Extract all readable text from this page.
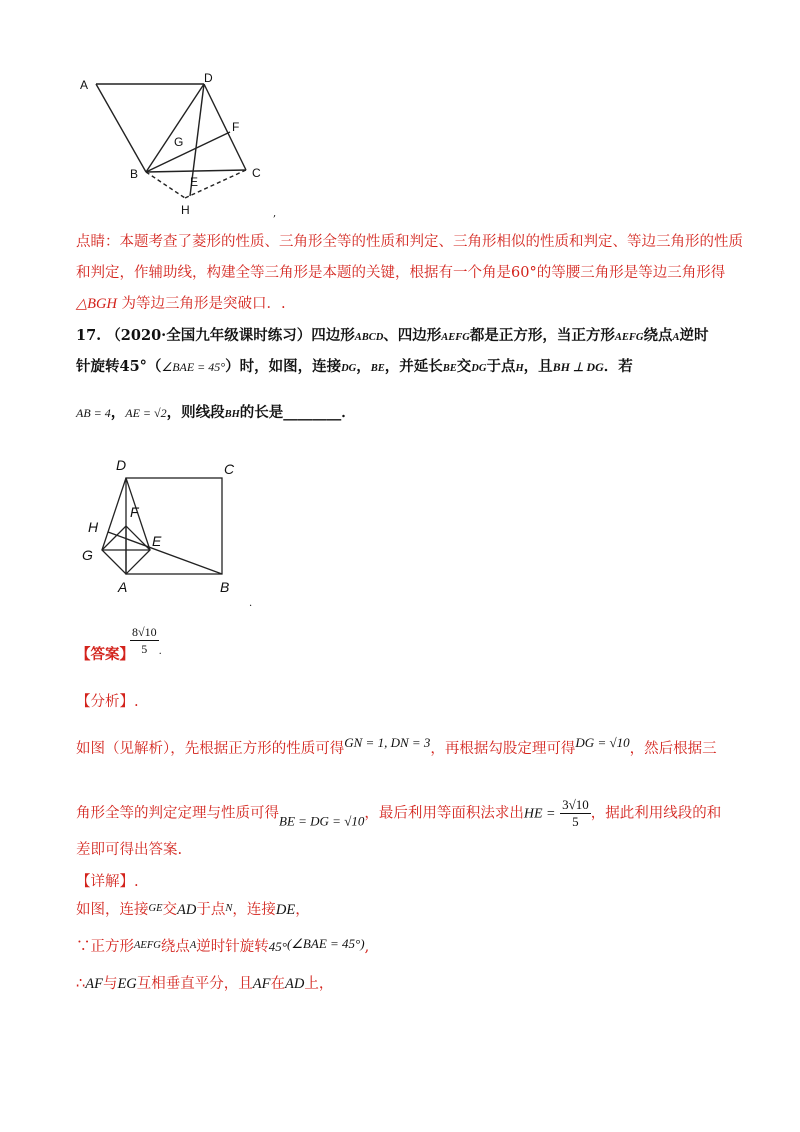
A	D
G
F
B
E
C
H	,
点睛：本题考查了菱形的性质、三角形全等的性质和判定、三角形相似的性质和判定、等边三角形的性质
和判定，作辅助线，构建全等三角形是本题的关键，根据有一个角是60°的等腰三角形是等边三角形得
△BGH 为等边三角形是突破口．.
17. （2020·全国九年级课时练习）四边形ABCD、四边形AEFG都是正方形，当正方形AEFG绕点A逆时
针旋转45°（∠BAE = 45°）时，如图，连接DG，BE，并延长BE交DG于点H，且BH ⊥ DG．若
AB = 4，AE = √2，则线段BH的长是________．
D	C
F
H
E
G
A	B
.
【答案】
$\frac{8√10}{5}$ .
【分析】.
如图（见解析），先根据正方形的性质可得GN = 1, DN = 3，再根据勾股定理可得DG = √10，然后根据三
角形全等的判定定理与性质可得BE = DG = √10，最后利用等面积法求出HE = $\frac{3√10}{5}$ ，据此利用线段的和
差即可得出答案.
【详解】.
如图，连接$^{GE}$交AD于点$^N$，连接DE，
∵正方形$^{AEFG}$绕点$^A$逆时针旋转45°(∠BAE = 45°),
∴AF与EG互相垂直平分，且AF在AD上，
